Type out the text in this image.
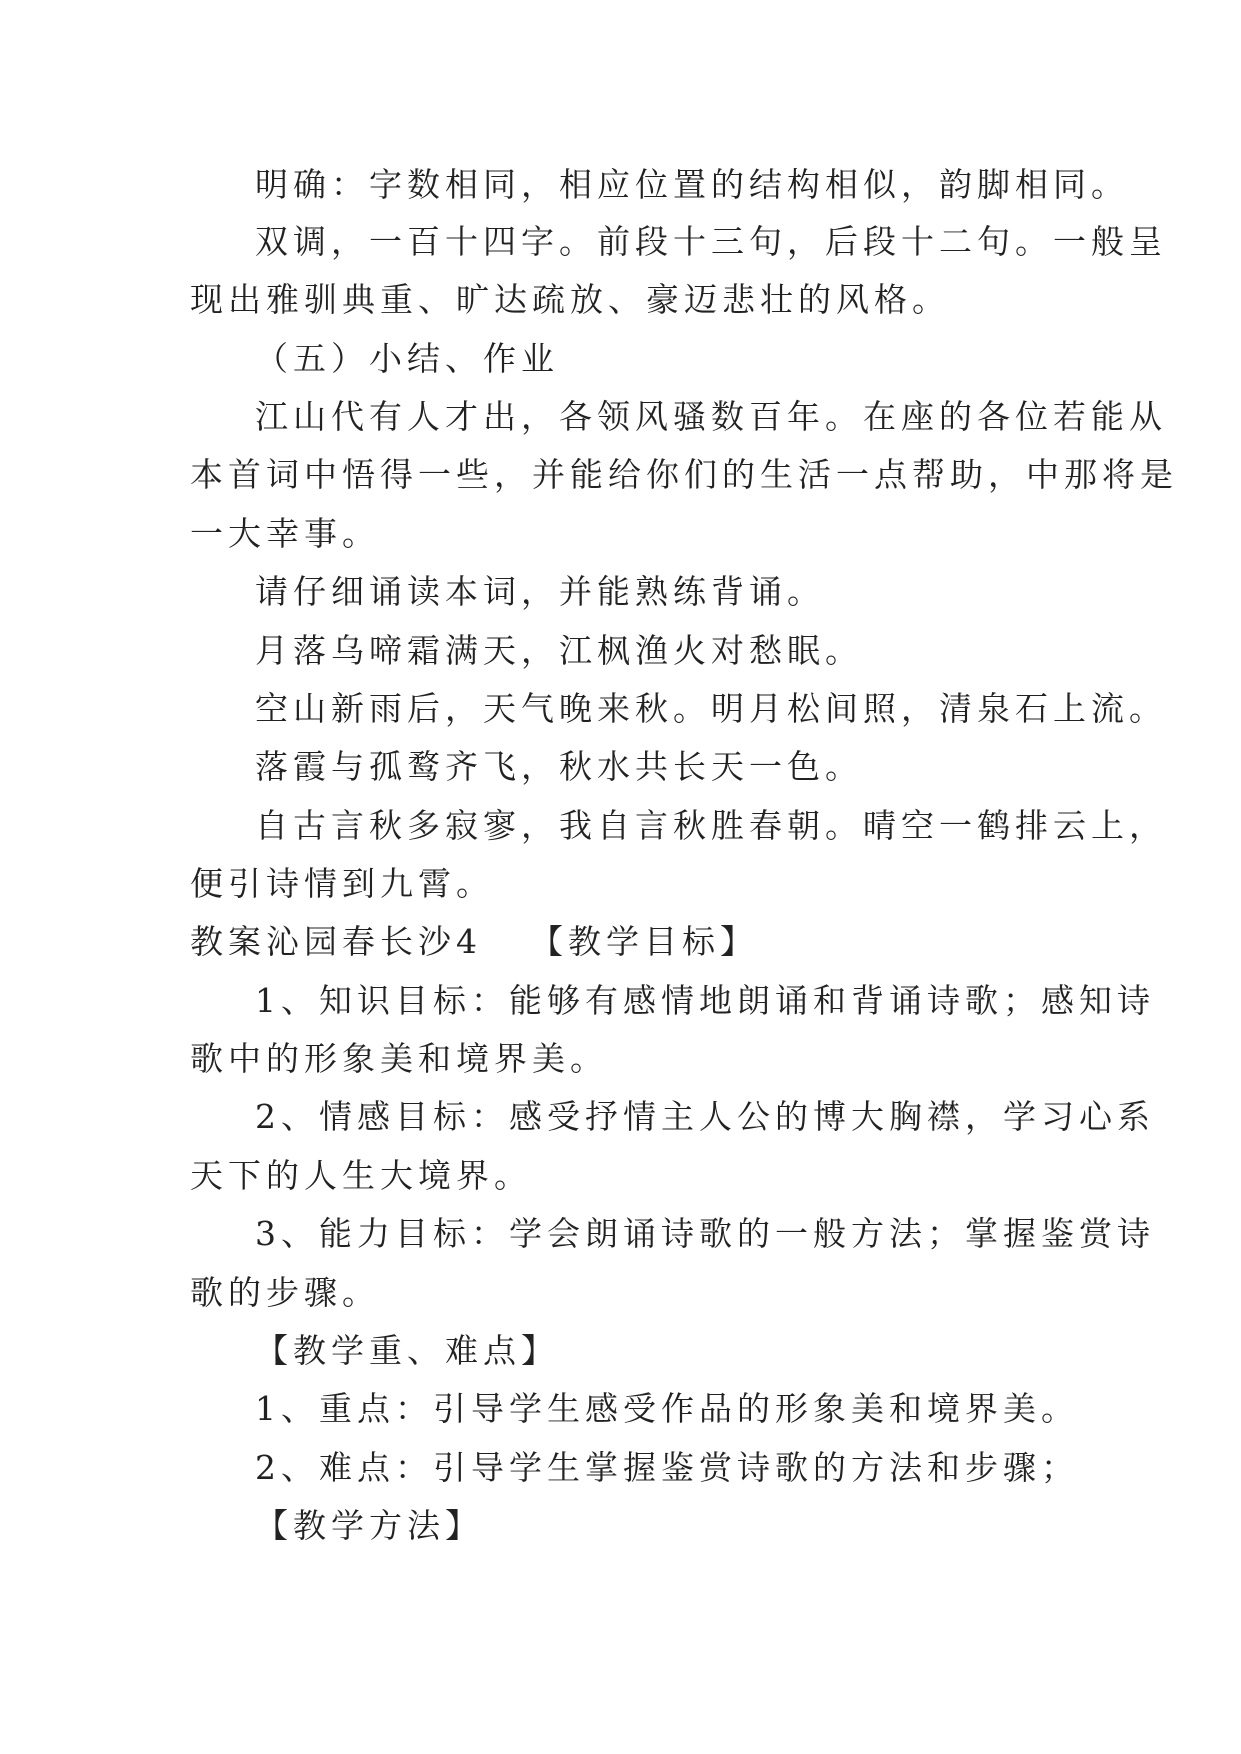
明确：字数相同，相应位置的结构相似，韵脚相同。
双调，一百十四字。前段十三句，后段十二句。一般呈
现出雅驯典重、旷达疏放、豪迈悲壮的风格。
（五）小结、作业
江山代有人才出，各领风骚数百年。在座的各位若能从
本首词中悟得一些，并能给你们的生活一点帮助，中那将是
一大幸事。
请仔细诵读本词，并能熟练背诵。
月落乌啼霜满天，江枫渔火对愁眠。
空山新雨后，天气晚来秋。明月松间照，清泉石上流。
落霞与孤鹜齐飞，秋水共长天一色。
自古言秋多寂寥，我自言秋胜春朝。晴空一鹤排云上，
便引诗情到九霄。
教案沁园春长沙4 【教学目标】
1、知识目标：能够有感情地朗诵和背诵诗歌；感知诗
歌中的形象美和境界美。
2、情感目标：感受抒情主人公的博大胸襟，学习心系
天下的人生大境界。
3、能力目标：学会朗诵诗歌的一般方法；掌握鉴赏诗
歌的步骤。
【教学重、难点】
1、重点：引导学生感受作品的形象美和境界美。
2、难点：引导学生掌握鉴赏诗歌的方法和步骤；
【教学方法】
